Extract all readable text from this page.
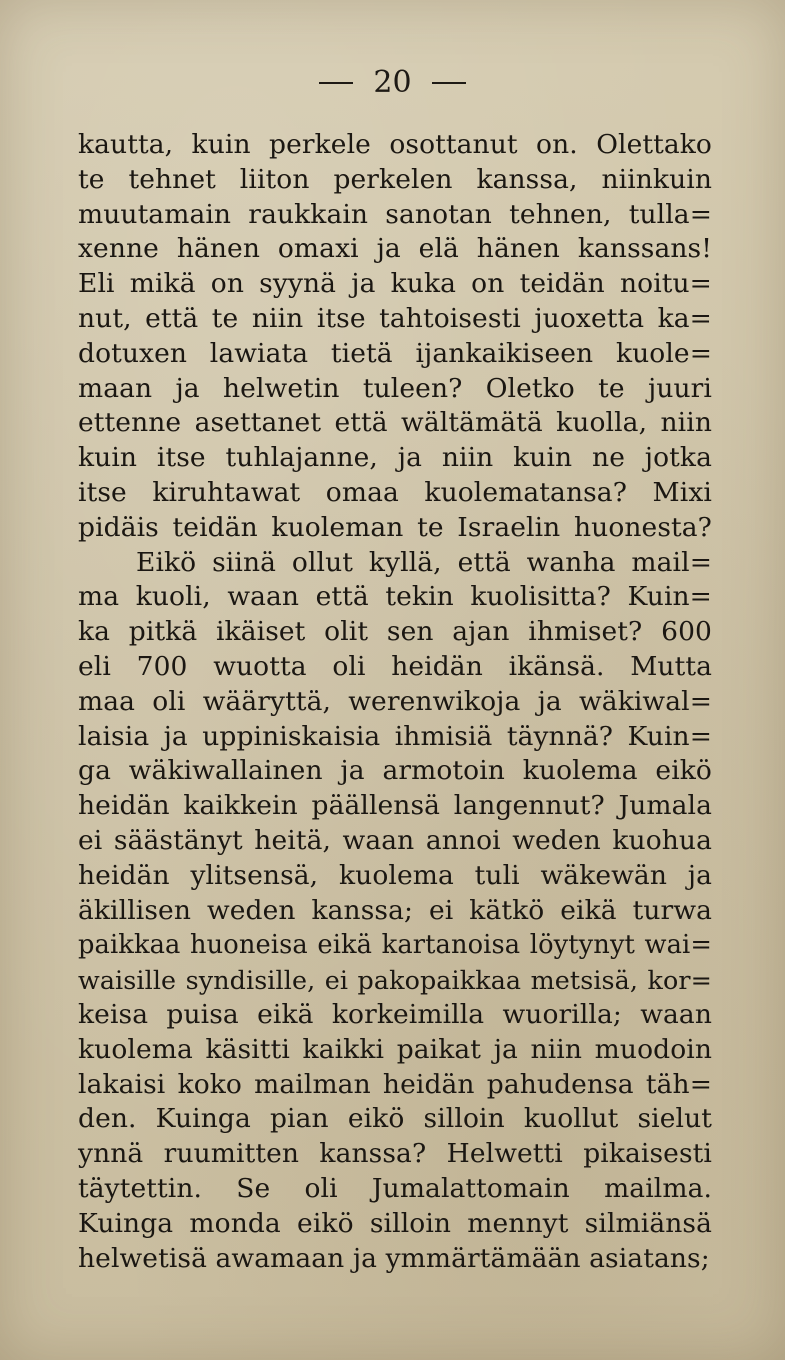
20
kautta, kuin perkele osottanut on. Olettako
te tehnet liiton perkelen kanssa, niinkuin
muutamain raukkain sanotan tehnen, tulla=
xenne hänen omaxi ja elä hänen kanssans!
Eli mikä on syynä ja kuka on teidän noitu=
nut, että te niin itse tahtoisesti juoxetta ka=
dotuxen lawiata tietä ijankaikiseen kuole=
maan ja helwetin tuleen? Oletko te juuri
ettenne asettanet että wältämätä kuolla, niin
kuin itse tuhlajanne, ja niin kuin ne jotka
itse kiruhtawat omaa kuolematansa? Mixi
pidäis teidän kuoleman te Israelin huonesta?
Eikö siinä ollut kyllä, että wanha mail=
ma kuoli, waan että tekin kuolisitta? Kuin=
ka pitkä ikäiset olit sen ajan ihmiset? 600
eli 700 wuotta oli heidän ikänsä. Mutta
maa oli wääryttä, werenwikoja ja wäkiwal=
laisia ja uppiniskaisia ihmisiä täynnä? Kuin=
ga wäkiwallainen ja armotoin kuolema eikö
heidän kaikkein päällensä langennut? Jumala
ei säästänyt heitä, waan annoi weden kuohua
heidän ylitsensä, kuolema tuli wäkewän ja
äkillisen weden kanssa; ei kätkö eikä turwa
paikkaa huoneisa eikä kartanoisa löytynyt wai=
waisille syndisille, ei pakopaikkaa metsisä, kor=
keisa puisa eikä korkeimilla wuorilla; waan
kuolema käsitti kaikki paikat ja niin muodoin
lakaisi koko mailman heidän pahudensa täh=
den. Kuinga pian eikö silloin kuollut sielut
ynnä ruumitten kanssa? Helwetti pikaisesti
täytettin. Se oli Jumalattomain mailma.
Kuinga monda eikö silloin mennyt silmiänsä
helwetisä awamaan ja ymmärtämään asiatans;
